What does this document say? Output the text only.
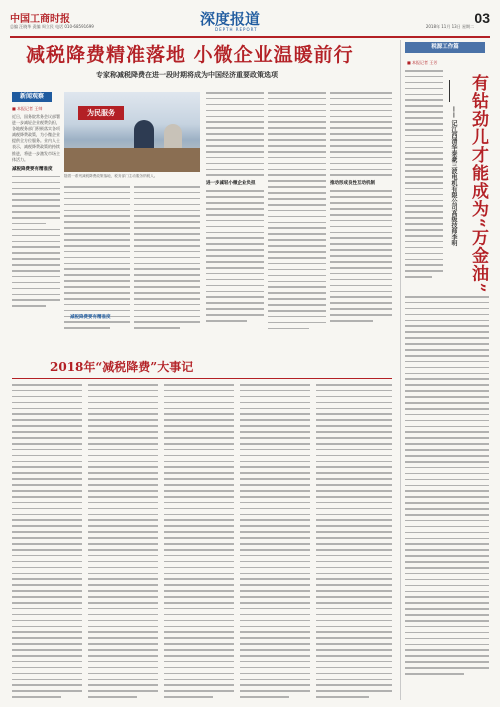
中国工商时报
总编 汪晓华 责编 周立民 电话 010-68591699	深度报道
DEPTH REPORT
2018年 11月 13日 星期二
03
减税降费精准落地 小微企业温暖前行
专家称减税降费在进一段时期将成为中国经济重要政策选项
新闻观察
■ 本报记者 王帅
近日，国务院常务会议部署进一步减轻企业税费负担，各地税务部门积极落实各项减税降费政策，为小微企业提供全方位服务。业内人士表示，减税降费政策的持续推进，将进一步激发市场主体活力。
减税降费要有精准度
为民服务
随着一系列减税降费政策落地，税务部门主动服务纳税人。
减税降费要有精准度
进一步减轻小微企业负担	推动形成良性互动机制
2018年“减税降费”大事记
税源工作篇
■ 本报记者 王芳
有钻劲儿才能成为“万金油”
—— 记江西清华泰豪三波电机有限公司高级技师李明
